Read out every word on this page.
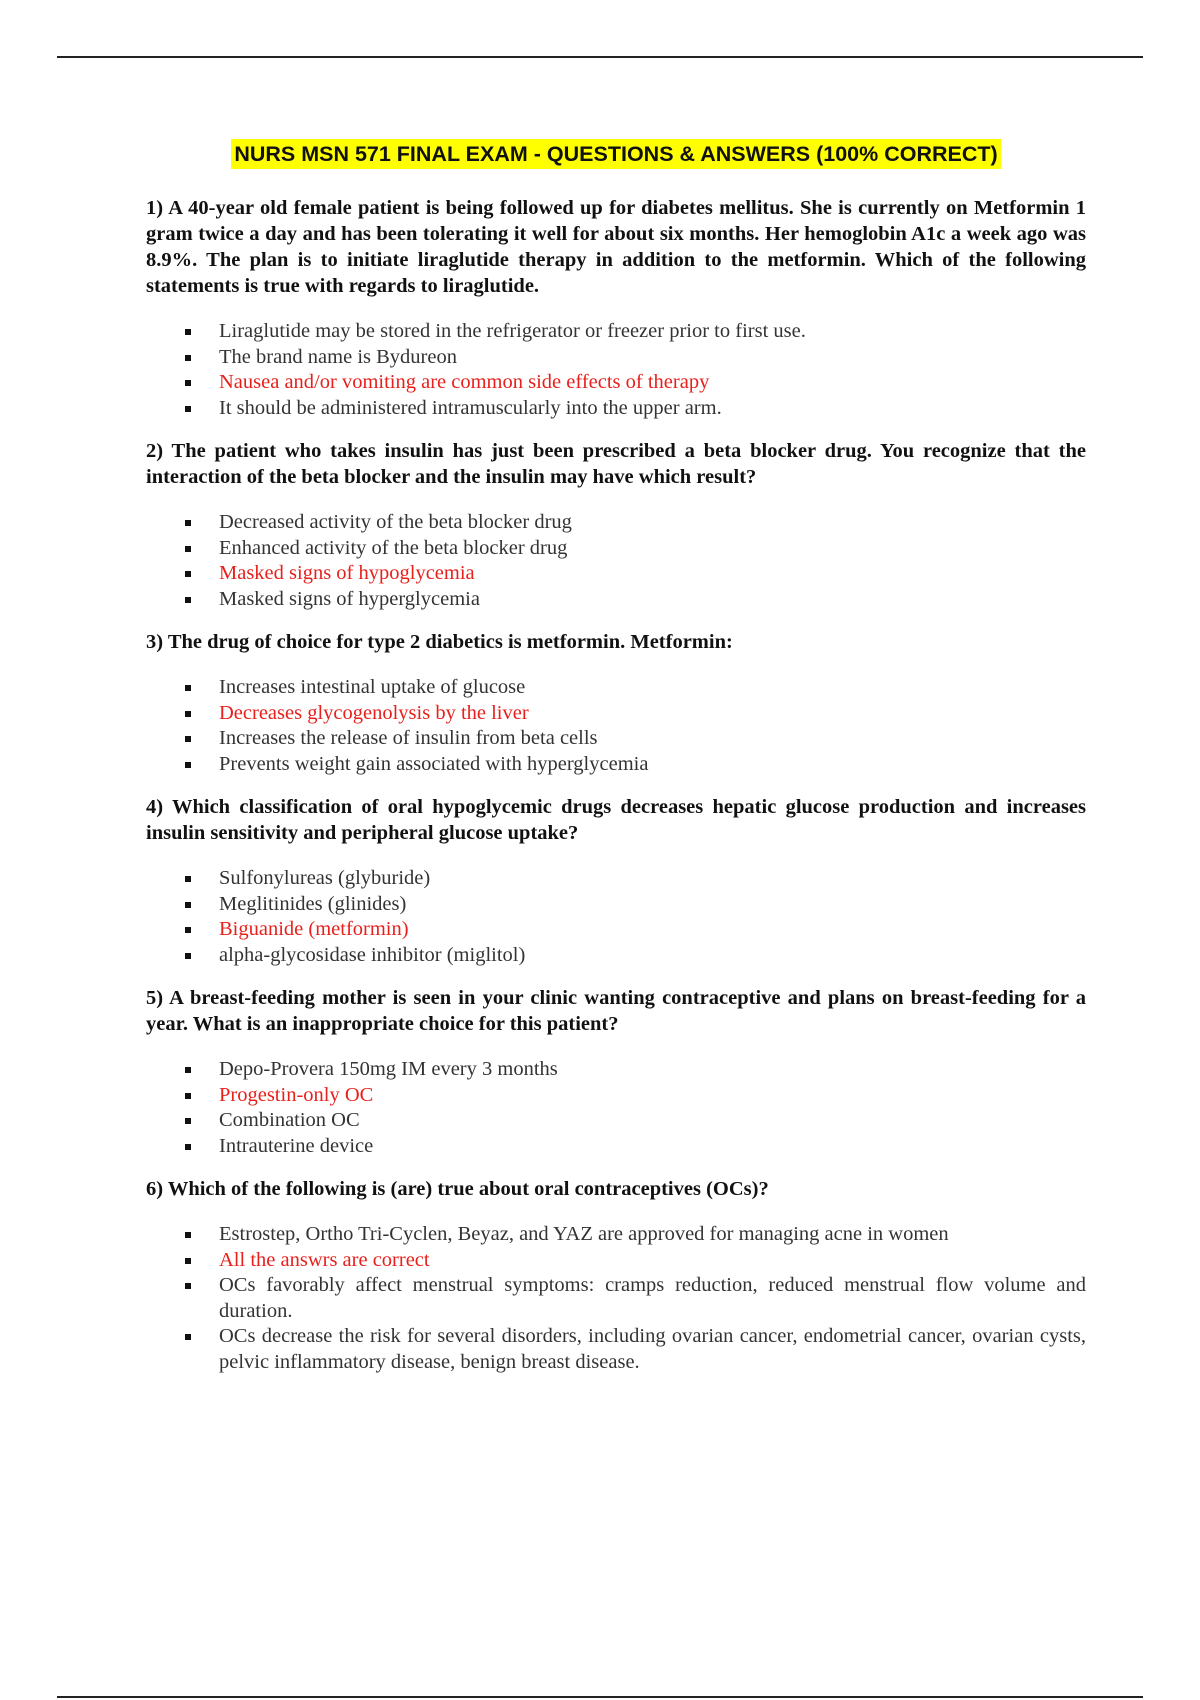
NURS MSN 571 FINAL EXAM - QUESTIONS & ANSWERS (100% CORRECT)

1) A 40-year old female patient is being followed up for diabetes mellitus. She is currently on Metformin 1 gram twice a day and has been tolerating it well for about six months. Her hemoglobin A1c a week ago was 8.9%. The plan is to initiate liraglutide therapy in addition to the metformin. Which of the following statements is true with regards to liraglutide.

Liraglutide may be stored in the refrigerator or freezer prior to first use.
The brand name is Bydureon
Nausea and/or vomiting are common side effects of therapy
It should be administered intramuscularly into the upper arm.

2) The patient who takes insulin has just been prescribed a beta blocker drug. You recognize that the interaction of the beta blocker and the insulin may have which result?

Decreased activity of the beta blocker drug
Enhanced activity of the beta blocker drug
Masked signs of hypoglycemia
Masked signs of hyperglycemia

3) The drug of choice for type 2 diabetics is metformin. Metformin:

Increases intestinal uptake of glucose
Decreases glycogenolysis by the liver
Increases the release of insulin from beta cells
Prevents weight gain associated with hyperglycemia

4) Which classification of oral hypoglycemic drugs decreases hepatic glucose production and increases insulin sensitivity and peripheral glucose uptake?

Sulfonylureas (glyburide)
Meglitinides (glinides)
Biguanide (metformin)
alpha-glycosidase inhibitor (miglitol)

5) A breast-feeding mother is seen in your clinic wanting contraceptive and plans on breast-feeding for a year. What is an inappropriate choice for this patient?

Depo-Provera 150mg IM every 3 months
Progestin-only OC
Combination OC
Intrauterine device

6) Which of the following is (are) true about oral contraceptives (OCs)?

Estrostep, Ortho Tri-Cyclen, Beyaz, and YAZ are approved for managing acne in women
All the answrs are correct
OCs favorably affect menstrual symptoms: cramps reduction, reduced menstrual flow volume and duration.
OCs decrease the risk for several disorders, including ovarian cancer, endometrial cancer, ovarian cysts, pelvic inflammatory disease, benign breast disease.
